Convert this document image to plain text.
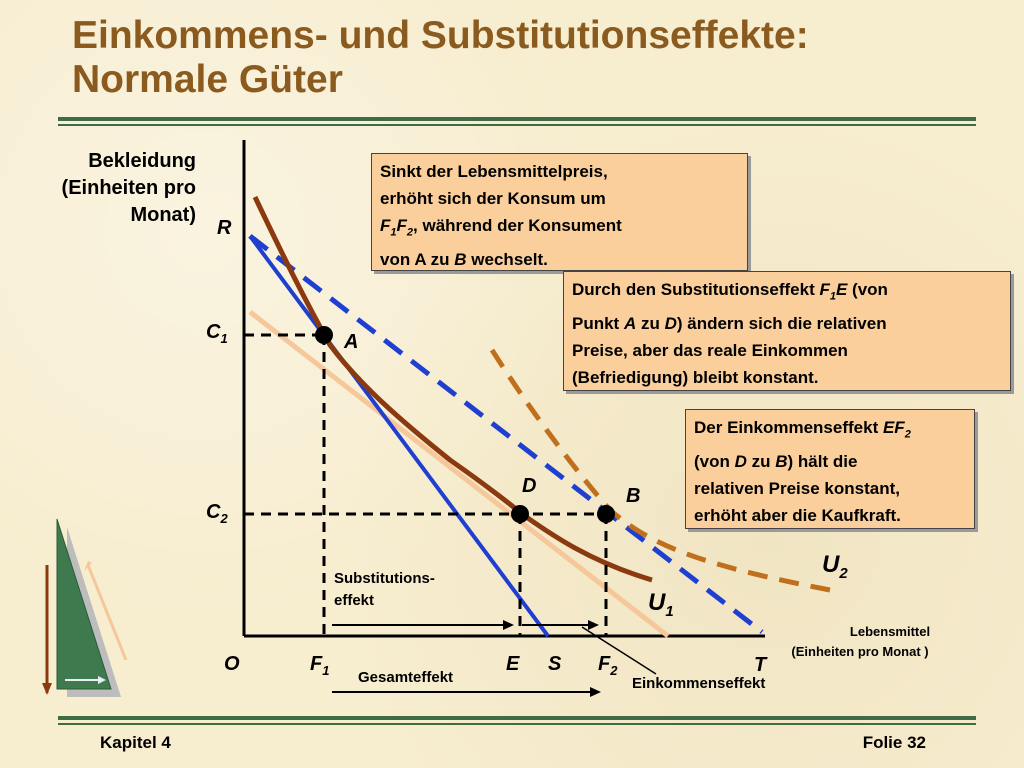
Einkommens- und Substitutionseffekte:
Normale Güter
Bekleidung
(Einheiten pro
Monat)
Lebensmittel
(Einheiten pro Monat )
R
$C_1$
$C_2$
O	$F_1$	E S $F_2$	T
A
D	B
$U_1$
$U_2$
Substitutions-
effekt
Gesamteffekt	Einkommenseffekt
Sinkt der Lebensmittelpreis,
erhöht sich der Konsum um
$F_1F_2$, während der Konsument
von A zu B wechselt.
Durch den Substitutionseffekt $F_1E$ (von
Punkt A zu D) ändern sich die relativen
Preise, aber das reale Einkommen
(Befriedigung) bleibt konstant.
Der Einkommenseffekt $EF_2$
(von D zu B) hält die
relativen Preise konstant,
erhöht aber die Kaufkraft.
Kapitel 4	Folie 32
